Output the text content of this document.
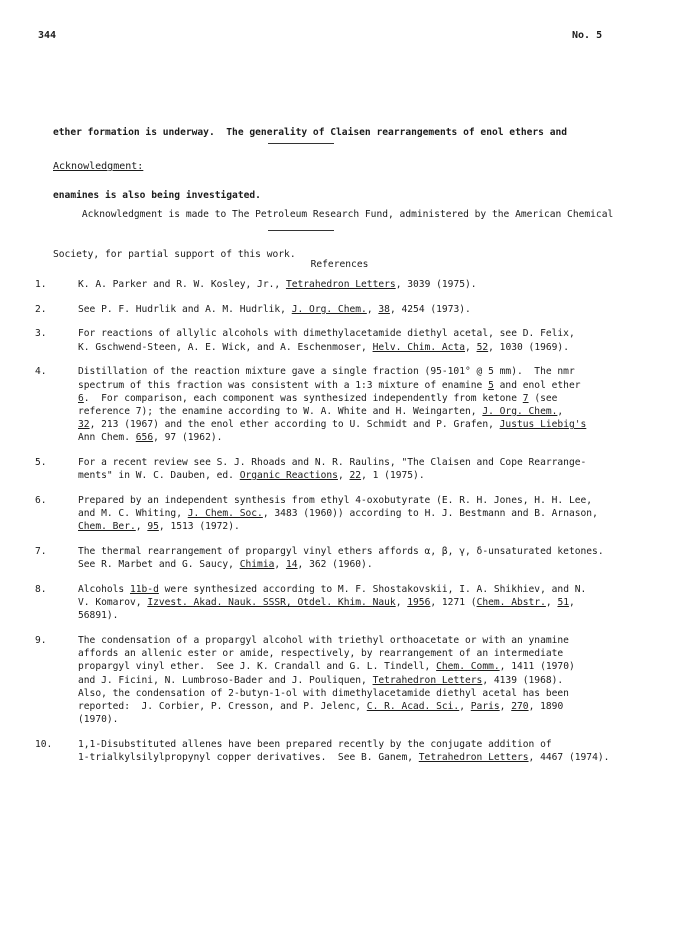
344	No. 5

ether formation is underway.  The generality of Claisen rearrangements of enol ethers and

enamines is also being investigated.

Acknowledgment:

Acknowledgment is made to The Petroleum Research Fund, administered by the American Chemical

Society, for partial support of this work.

References
1.	K. A. Parker and R. W. Kosley, Jr., Tetrahedron Letters, 3039 (1975).
2.	See P. F. Hudrlik and A. M. Hudrlik, J. Org. Chem., 38, 4254 (1973).
3.	For reactions of allylic alcohols with dimethylacetamide diethyl acetal, see D. Felix,
K. Gschwend-Steen, A. E. Wick, and A. Eschenmoser, Helv. Chim. Acta, 52, 1030 (1969).
4.	Distillation of the reaction mixture gave a single fraction (95-101° @ 5 mm).  The nmr
spectrum of this fraction was consistent with a 1:3 mixture of enamine 5 and enol ether
6.  For comparison, each component was synthesized independently from ketone 7 (see
reference 7); the enamine according to W. A. White and H. Weingarten, J. Org. Chem.,
32, 213 (1967) and the enol ether according to U. Schmidt and P. Grafen, Justus Liebig's
Ann Chem. 656, 97 (1962).
5.	For a recent review see S. J. Rhoads and N. R. Raulins, "The Claisen and Cope Rearrange-
ments" in W. C. Dauben, ed. Organic Reactions, 22, 1 (1975).
6.	Prepared by an independent synthesis from ethyl 4-oxobutyrate (E. R. H. Jones, H. H. Lee,
and M. C. Whiting, J. Chem. Soc., 3483 (1960)) according to H. J. Bestmann and B. Arnason,
Chem. Ber., 95, 1513 (1972).
7.	The thermal rearrangement of propargyl vinyl ethers affords α, β, γ, δ-unsaturated ketones.
See R. Marbet and G. Saucy, Chimia, 14, 362 (1960).
8.	Alcohols 11b-d were synthesized according to M. F. Shostakovskii, I. A. Shikhiev, and N.
V. Komarov, Izvest. Akad. Nauk. SSSR, Otdel. Khim. Nauk, 1956, 1271 (Chem. Abstr., 51,
56891).
9.	The condensation of a propargyl alcohol with triethyl orthoacetate or with an ynamine
affords an allenic ester or amide, respectively, by rearrangement of an intermediate
propargyl vinyl ether.  See J. K. Crandall and G. L. Tindell, Chem. Comm., 1411 (1970)
and J. Ficini, N. Lumbroso-Bader and J. Pouliquen, Tetrahedron Letters, 4139 (1968).
Also, the condensation of 2-butyn-1-ol with dimethylacetamide diethyl acetal has been
reported:  J. Corbier, P. Cresson, and P. Jelenc, C. R. Acad. Sci., Paris, 270, 1890
(1970).
10.	1,1-Disubstituted allenes have been prepared recently by the conjugate addition of
1-trialkylsilylpropynyl copper derivatives.  See B. Ganem, Tetrahedron Letters, 4467 (1974).
